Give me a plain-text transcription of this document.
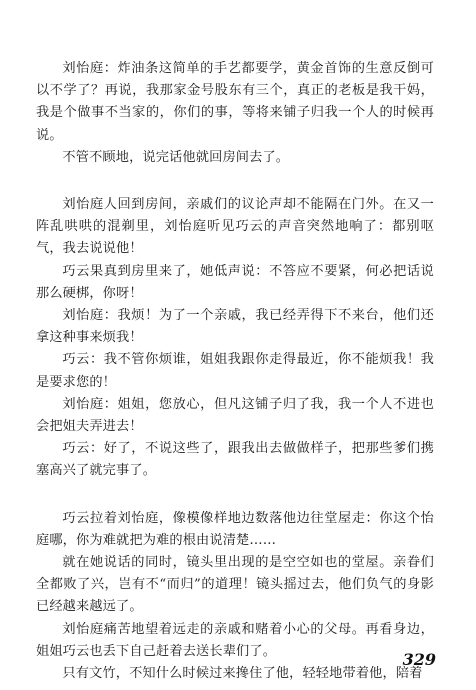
刘怡庭：炸油条这简单的手艺都要学，黄金首饰的生意反倒可以不学了？再说，我那家金号股东有三个，真正的老板是我干妈，我是个做事不当家的，你们的事，等将来铺子归我一个人的时候再说。

不管不顾地，说完话他就回房间去了。

刘怡庭人回到房间，亲戚们的议论声却不能隔在门外。在又一阵乱哄哄的混剃里，刘怡庭听见巧云的声音突然地响了：都别呕气，我去说说他！

巧云果真到房里来了，她低声说：不答应不要紧，何必把话说那么硬梆，你呀！

刘怡庭：我烦！为了一个亲戚，我已经弄得下不来台，他们还拿这种事来烦我！

巧云：我不管你烦谁，姐姐我跟你走得最近，你不能烦我！我是要求您的！

刘怡庭：姐姐，您放心，但凡这铺子归了我，我一个人不进也会把姐夫弄进去！

巧云：好了，不说这些了，跟我出去做做样子，把那些爹们携塞高兴了就完事了。

巧云拉着刘怡庭，像模像样地边数落他边往堂屋走：你这个怡庭哪，你为难就把为难的根由说清楚……

就在她说话的同时，镜头里出现的是空空如也的堂屋。亲眷们全都败了兴，岂有不“而归”的道理！镜头摇过去，他们负气的身影已经越来越远了。

刘怡庭痛苦地望着远走的亲戚和赌着小心的父母。再看身边，姐姐巧云也丢下自己赶着去送长辈们了。

只有文竹，不知什么时候过来搀住了他，轻轻地带着他，陪着

329
